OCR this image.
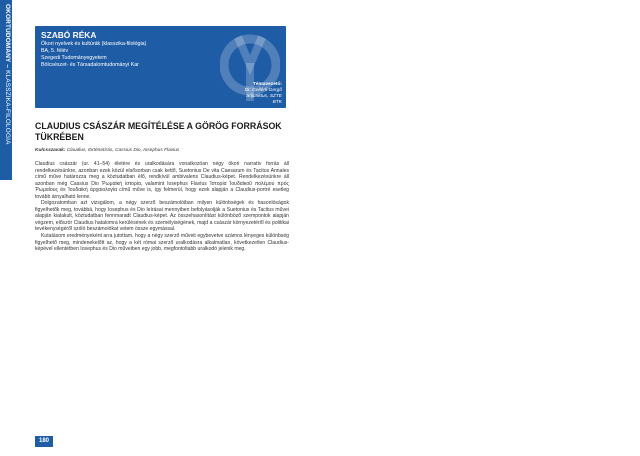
OKORTUDOMÁNY – KLASSZIKA-FILOLÓGIA
SZABÓ RÉKA
Ókori nyelvek és kultúrák (klasszika-filológia)
BA, 5. félév
Szegedi Tudományegyetem
Bölcsészet- és Társadalomtudományi Kar
Témavezető:
Dr. Gellérfi Gergő
adjunktus, SZTE BTK
CLAUDIUS CSÁSZÁR MEGÍTÉLÉSE A GÖRÖG FORRÁSOK TÜKRÉBEN
Kulcsszavak: Claudius, történetírás, Cassius Dio, Iosephus Flavius

Claudius császár (ur. 41–54) életére és uralkodására vonatkozóan négy ókori narratív forrás áll rendelkezésünkre, azonban ezek közül elsősorban csak kettő, Suetonius De vita Caesarum és Tacitus Annales című műve határozza meg a köztudatban élő, rendkívül ambivalens Claudius-képet. Rendelkezésünkre áll azonban még Cassius Dio Ῥωμαϊκὴ ἱστορία, valamint Iosephus Flavius Ἱστορία Ἰουδαϊκοῦ πολέμου πρὸς Ῥωμαίους és Ἰουδαϊκὴ ἀρχαιολογία című műve is, így felmerül, hogy ezek alapján a Claudius-portré esetleg tovább árnyalható lenne.

Dolgozatomban azt vizsgálom, a négy szerző beszámolóiban milyen különbségek és hasonlóságok figyelhetők meg, továbbá, hogy Iosephus és Dio leírásai mennyiben befolyásolják a Suetonius és Tacitus művei alapján kialakult, köztudatban fennmaradt Claudius-képet. Az összehasonlítást különböző szempontok alapján végzem, először Claudius hatalomra kerülésének és személyiségének, majd a császár környezetéről és politikai tevékenységéről szóló beszámolókat vetem össze egymással.

Kutatásom eredményeként arra jutottam, hogy a négy szerző műveit egybevetve számos lényeges különbség figyelhető meg, mindenekelőtt az, hogy a két római szerző uralkodásra alkalmatlan, következetlen Claudius-képével ellentétben Iosephus és Dio műveiben egy jobb, megfontoltabb uralkodó jelenik meg.

180
